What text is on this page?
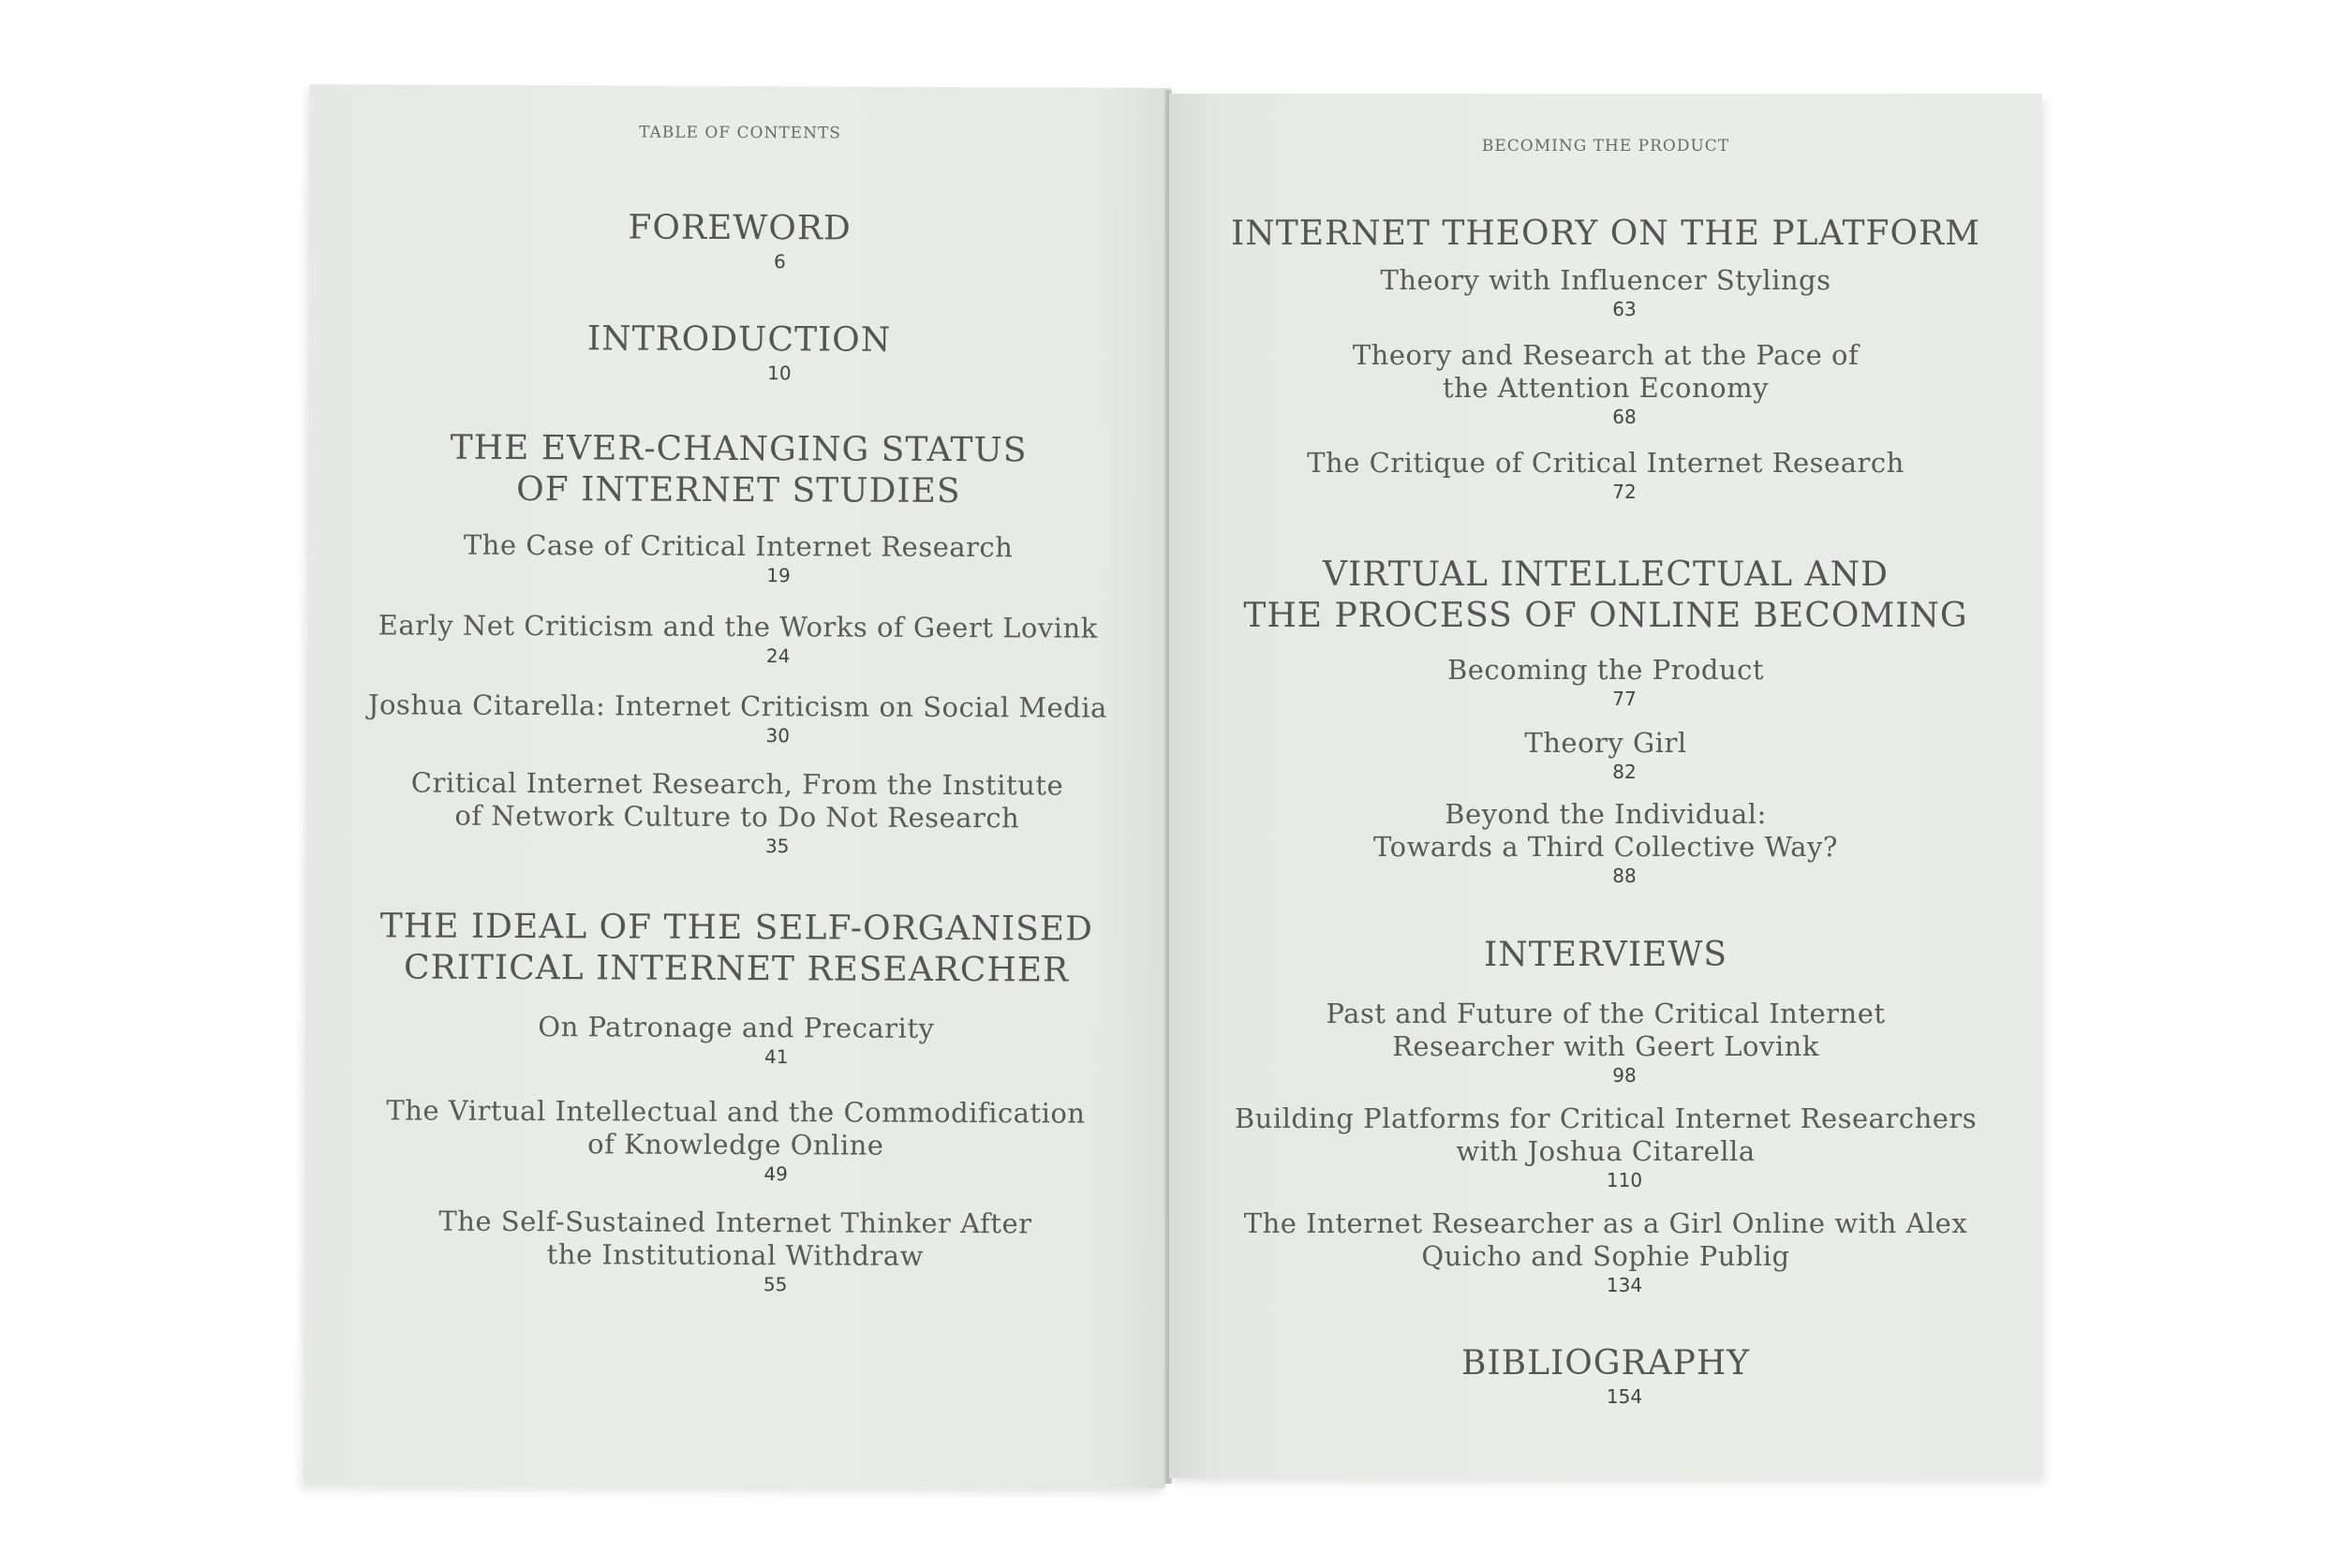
TABLE OF CONTENTS
FOREWORD
6
INTRODUCTION
10
THE EVER-CHANGING STATUS
OF INTERNET STUDIES
The Case of Critical Internet Research
19
Early Net Criticism and the Works of Geert Lovink
24
Joshua Citarella: Internet Criticism on Social Media
30
Critical Internet Research, From the Institute
of Network Culture to Do Not Research
35
THE IDEAL OF THE SELF-ORGANISED
CRITICAL INTERNET RESEARCHER
On Patronage and Precarity
41
The Virtual Intellectual and the Commodification
of Knowledge Online
49
The Self-Sustained Internet Thinker After
the Institutional Withdraw
55
BECOMING THE PRODUCT
INTERNET THEORY ON THE PLATFORM
Theory with Influencer Stylings
63
Theory and Research at the Pace of
the Attention Economy
68
The Critique of Critical Internet Research
72
VIRTUAL INTELLECTUAL AND
THE PROCESS OF ONLINE BECOMING
Becoming the Product
77
Theory Girl
82
Beyond the Individual:
Towards a Third Collective Way?
88
INTERVIEWS
Past and Future of the Critical Internet
Researcher with Geert Lovink
98
Building Platforms for Critical Internet Researchers
with Joshua Citarella
110
The Internet Researcher as a Girl Online with Alex
Quicho and Sophie Publig
134
BIBLIOGRAPHY
154
